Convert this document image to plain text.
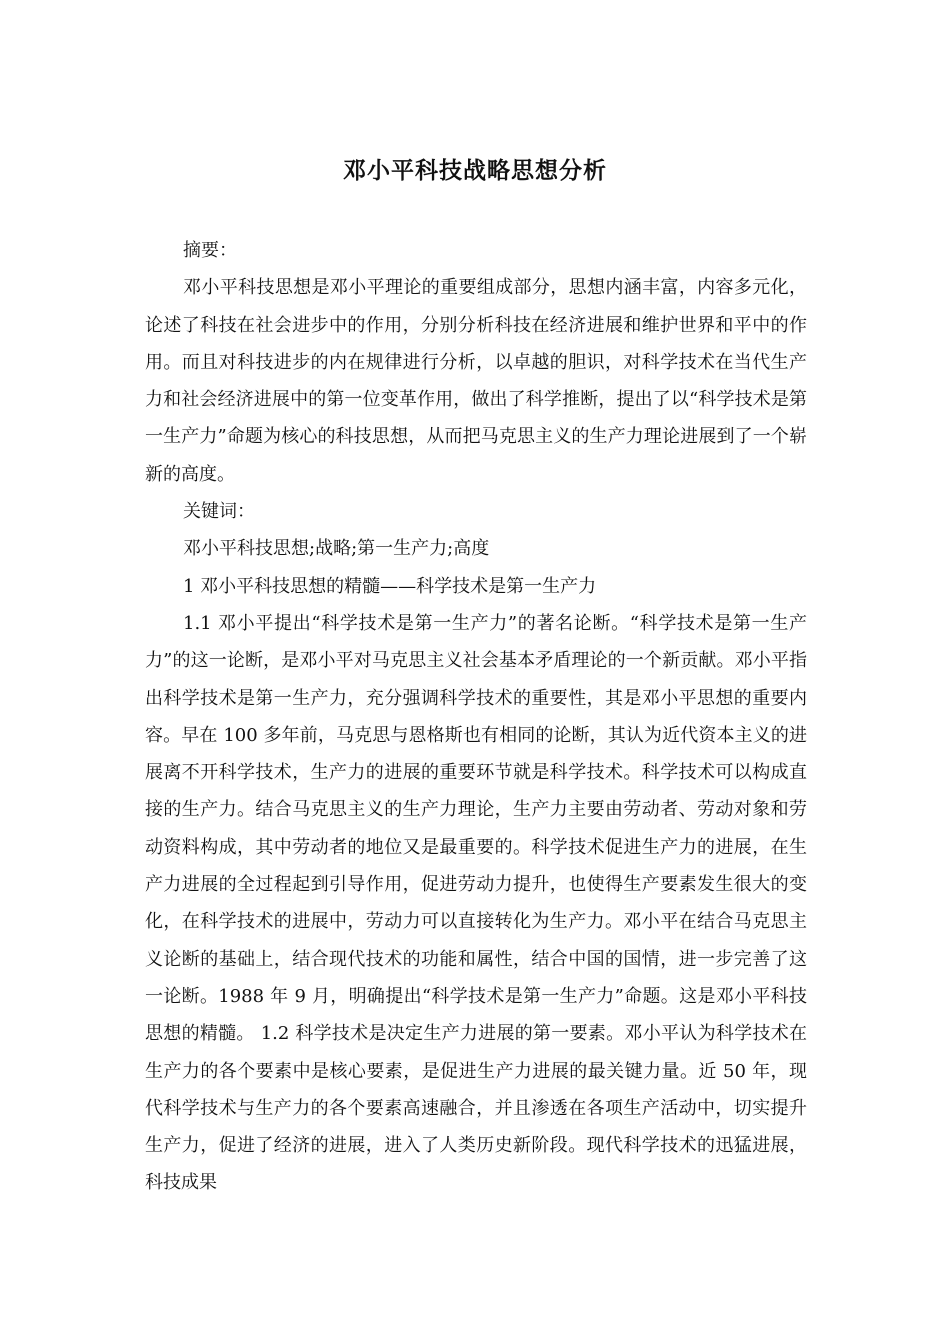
邓小平科技战略思想分析

摘要：

邓小平科技思想是邓小平理论的重要组成部分，思想内涵丰富，内容多元化，论述了科技在社会进步中的作用，分别分析科技在经济进展和维护世界和平中的作用。而且对科技进步的内在规律进行分析，以卓越的胆识，对科学技术在当代生产力和社会经济进展中的第一位变革作用，做出了科学推断，提出了以“科学技术是第一生产力”命题为核心的科技思想，从而把马克思主义的生产力理论进展到了一个崭新的高度。

关键词：

邓小平科技思想;战略;第一生产力;高度

1 邓小平科技思想的精髓——科学技术是第一生产力

1.1 邓小平提出“科学技术是第一生产力”的著名论断。“科学技术是第一生产力”的这一论断，是邓小平对马克思主义社会基本矛盾理论的一个新贡献。邓小平指出科学技术是第一生产力，充分强调科学技术的重要性，其是邓小平思想的重要内容。早在 100 多年前，马克思与恩格斯也有相同的论断，其认为近代资本主义的进展离不开科学技术，生产力的进展的重要环节就是科学技术。科学技术可以构成直接的生产力。结合马克思主义的生产力理论，生产力主要由劳动者、劳动对象和劳动资料构成，其中劳动者的地位又是最重要的。科学技术促进生产力的进展，在生产力进展的全过程起到引导作用，促进劳动力提升，也使得生产要素发生很大的变化，在科学技术的进展中，劳动力可以直接转化为生产力。邓小平在结合马克思主义论断的基础上，结合现代技术的功能和属性，结合中国的国情，进一步完善了这一论断。1988 年 9 月，明确提出“科学技术是第一生产力”命题。这是邓小平科技思想的精髓。 1.2 科学技术是决定生产力进展的第一要素。邓小平认为科学技术在生产力的各个要素中是核心要素，是促进生产力进展的最关键力量。近 50 年，现代科学技术与生产力的各个要素高速融合，并且渗透在各项生产活动中，切实提升生产力，促进了经济的进展，进入了人类历史新阶段。现代科学技术的迅猛进展，科技成果
